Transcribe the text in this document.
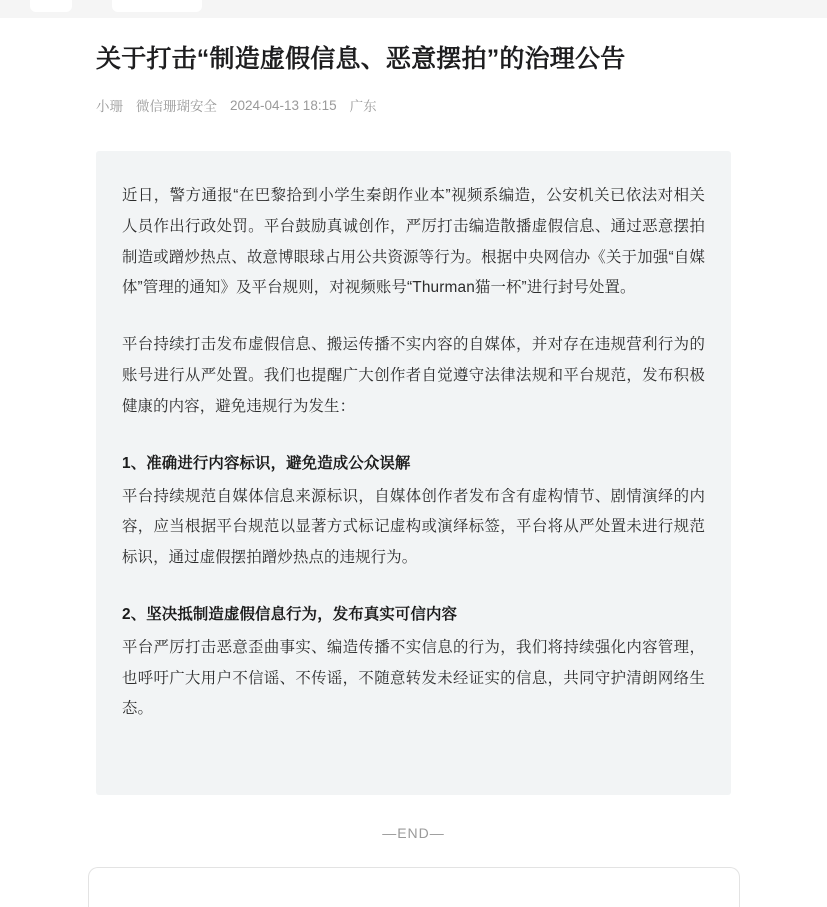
关于打击“制造虚假信息、恶意摆拍”的治理公告
小珊 微信珊瑚安全 2024-04-13 18:15 广东

近日，警方通报“在巴黎拾到小学生秦朗作业本”视频系编造，公安机关已依法对相关人员作出行政处罚。平台鼓励真诚创作，严厉打击编造散播虚假信息、通过恶意摆拍制造或蹭炒热点、故意博眼球占用公共资源等行为。根据中央网信办《关于加强“自媒体”管理的通知》及平台规则，对视频账号“Thurman猫一杯”进行封号处置。

平台持续打击发布虚假信息、搬运传播不实内容的自媒体，并对存在违规营利行为的账号进行从严处置。我们也提醒广大创作者自觉遵守法律法规和平台规范，发布积极健康的内容，避免违规行为发生：

1、准确进行内容标识，避免造成公众误解

平台持续规范自媒体信息来源标识，自媒体创作者发布含有虚构情节、剧情演绎的内容，应当根据平台规范以显著方式标记虚构或演绎标签，平台将从严处置未进行规范标识，通过虚假摆拍蹭炒热点的违规行为。

2、坚决抵制造虚假信息行为，发布真实可信内容

平台严厉打击恶意歪曲事实、编造传播不实信息的行为，我们将持续强化内容管理，也呼吁广大用户不信谣、不传谣，不随意转发未经证实的信息，共同守护清朗网络生态。

—END—
